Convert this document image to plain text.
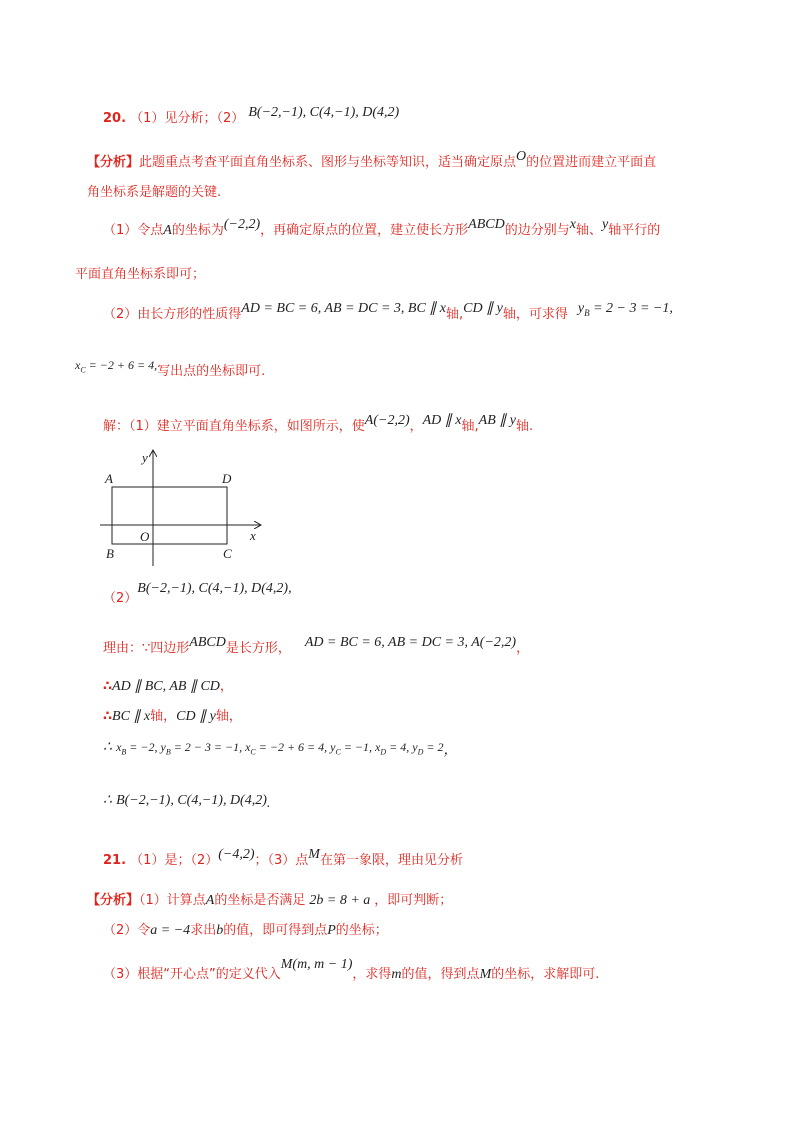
20. （1）见分析；（2） B(−2,−1), C(4,−1), D(4,2)
【分析】此题重点考查平面直角坐标系、图形与坐标等知识，适当确定原点O的位置进而建立平面直
角坐标系是解题的关键.
（1）令点A的坐标为(−2,2)，再确定原点的位置，建立使长方形ABCD的边分别与x轴、y轴平行的
平面直角坐标系即可；
（2）由长方形的性质得AD = BC = 6, AB = DC = 3, BC ∥ x轴,CD ∥ y轴，可求得 $y_B = 2 - 3 = -1$,
$x_C = -2 + 6 = 4$,写出点的坐标即可.
解：（1）建立平面直角坐标系，如图所示，使A(−2,2)，AD ∥ x轴,AB ∥ y轴.
A	D
B	C
O	x
y
（2）B(−2,−1), C(4,−1), D(4,2),
理由：∵四边形ABCD是长方形， AD = BC = 6, AB = DC = 3, A(−2,2)，
∴AD ∥ BC, AB ∥ CD，
∴BC ∥ x轴，CD ∥ y轴，
∴ $x_B = -2$, $y_B = 2 - 3 = -1$, $x_C = -2 + 6 = 4$, $y_C = -1$, $x_D = 4$, $y_D = 2$，
∴ B(−2,−1), C(4,−1), D(4,2).
21. （1）是；（2）(−4,2)；（3）点M在第一象限，理由见分析
【分析】（1）计算点A的坐标是否满足 2b = 8 + a ，即可判断；
（2）令a = −4求出b的值，即可得到点P的坐标；
（3）根据“开心点”的定义代入M(m, m − 1)，求得m的值，得到点M的坐标，求解即可.
